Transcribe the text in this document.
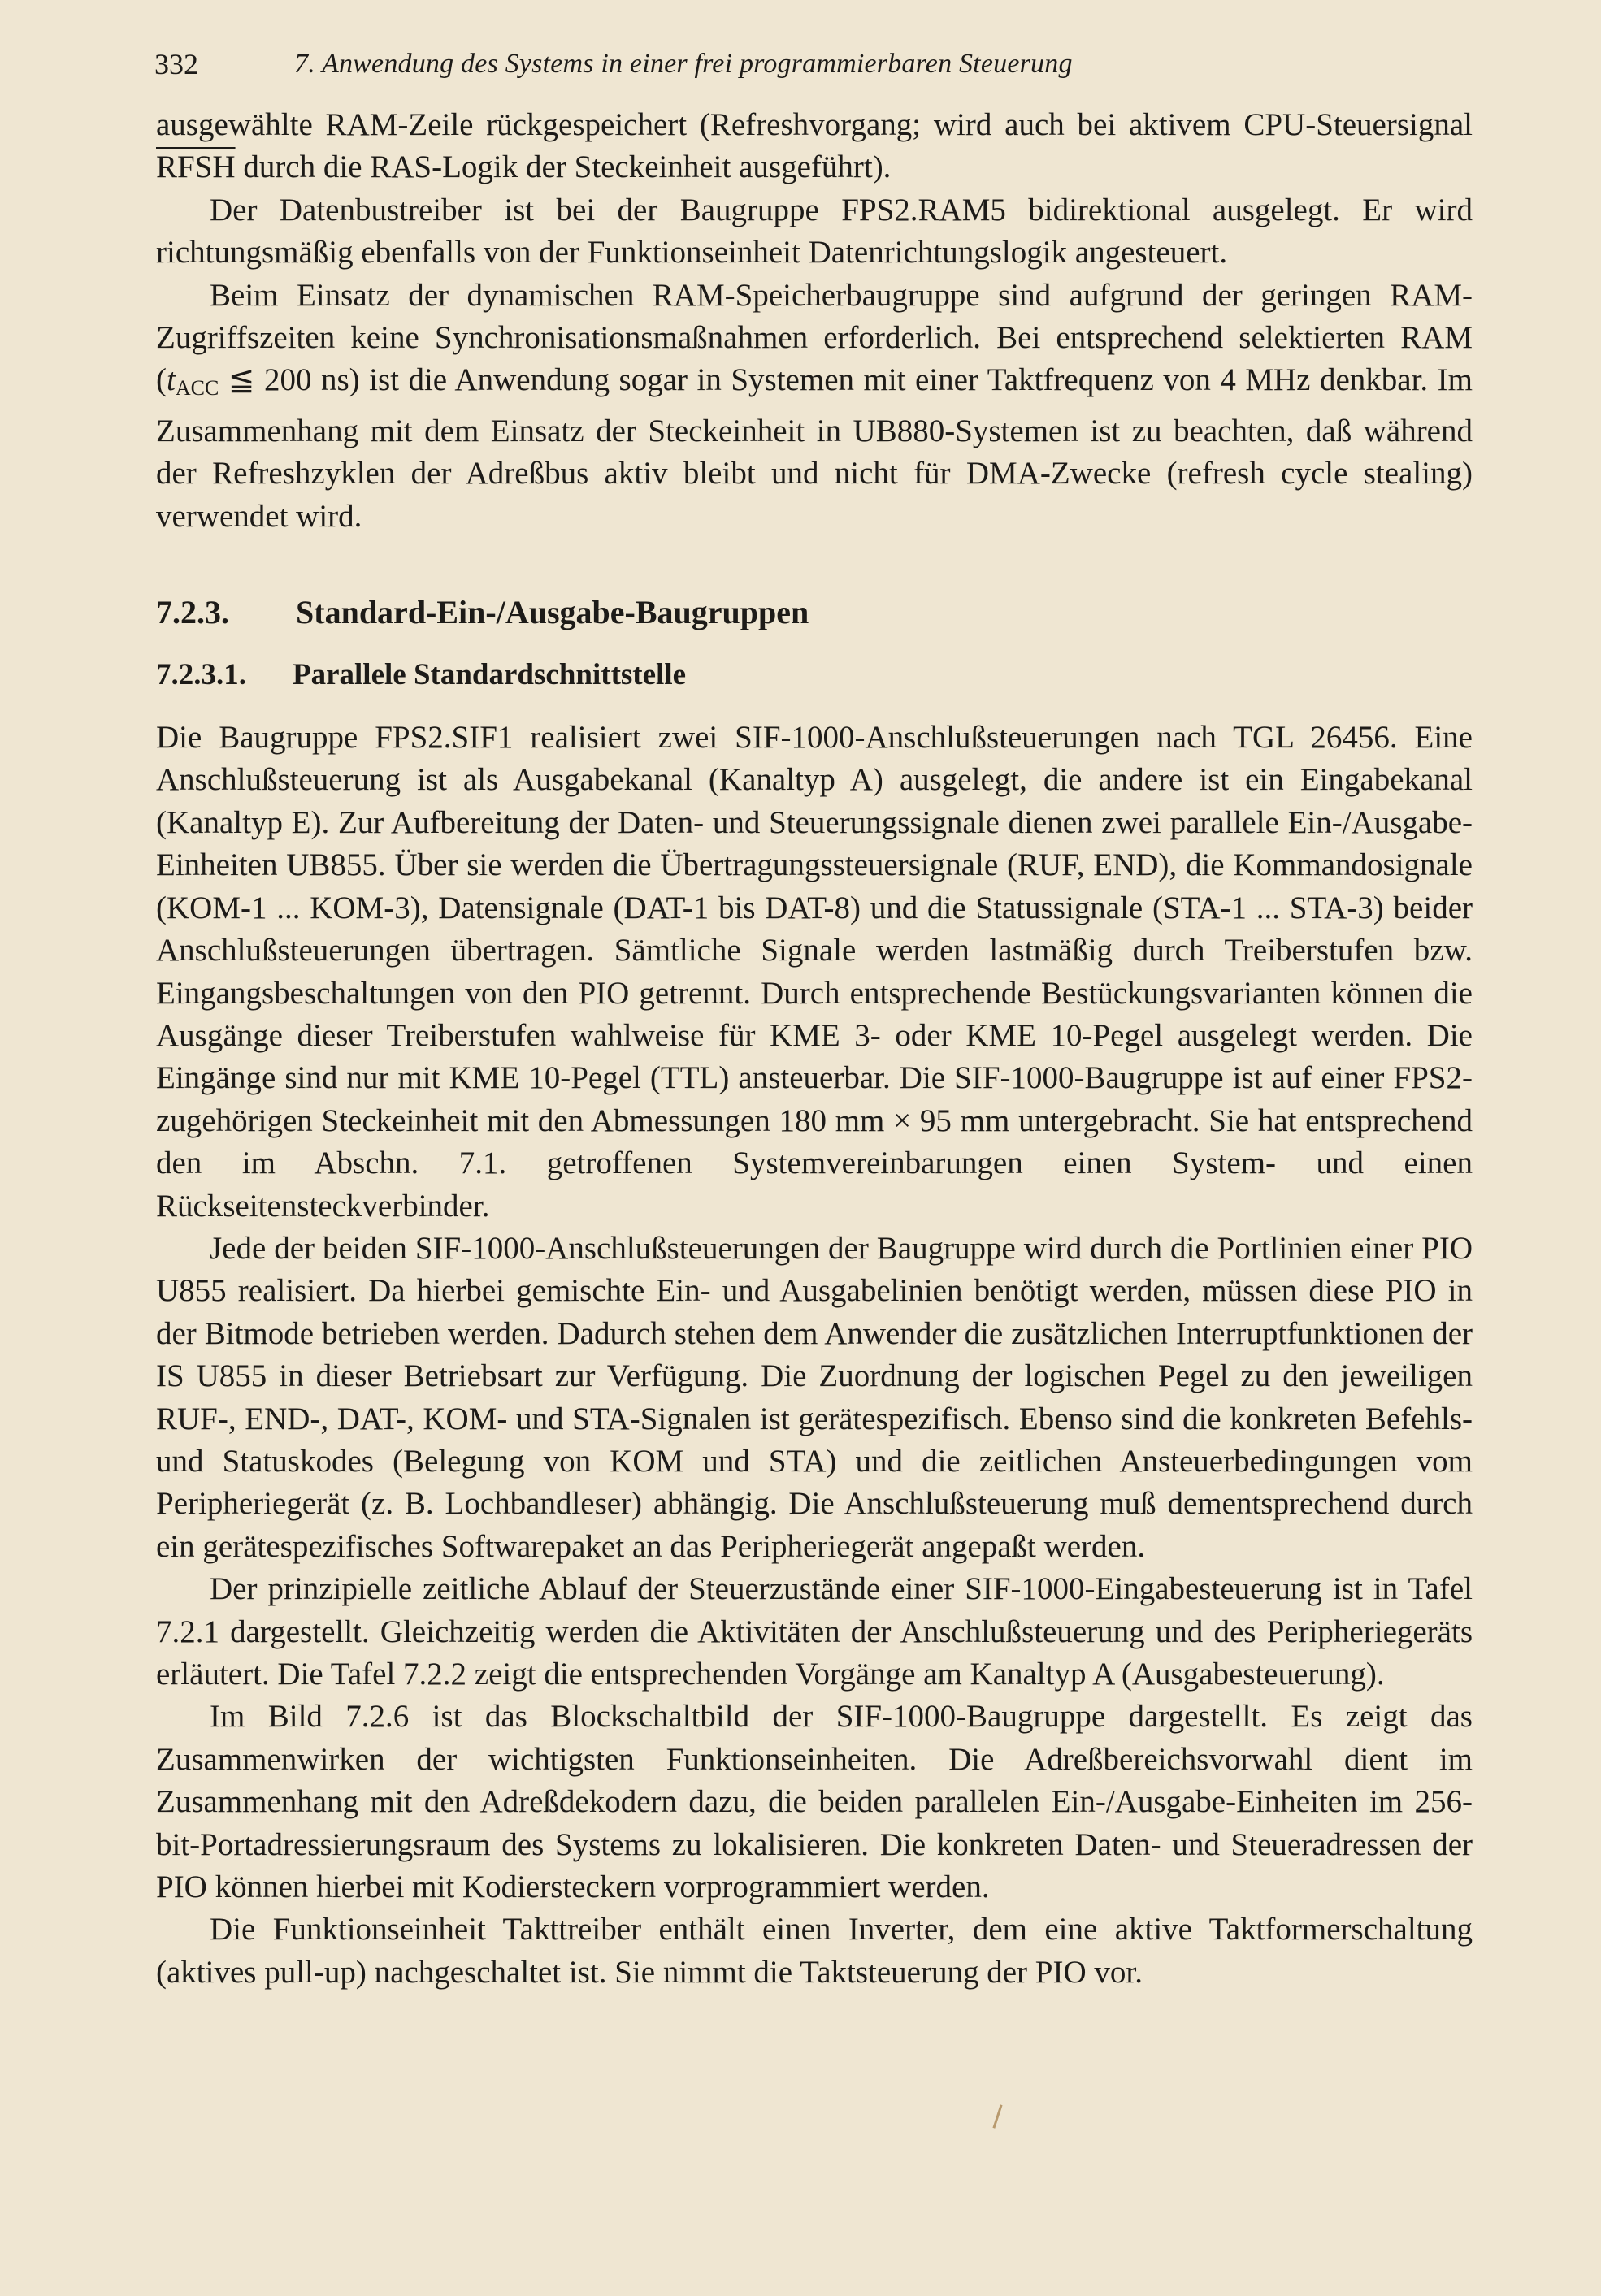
332	7. Anwendung des Systems in einer frei programmierbaren Steuerung

ausgewählte RAM-Zeile rückgespeichert (Refreshvorgang; wird auch bei aktivem CPU-Steuersignal RFSH durch die RAS-Logik der Steckeinheit ausgeführt).

Der Datenbustreiber ist bei der Baugruppe FPS2.RAM5 bidirektional ausgelegt. Er wird richtungsmäßig ebenfalls von der Funktionseinheit Datenrichtungslogik angesteuert.

Beim Einsatz der dynamischen RAM-Speicherbaugruppe sind aufgrund der geringen RAM-Zugriffszeiten keine Synchronisationsmaßnahmen erforderlich. Bei entsprechend selektierten RAM ($t_{ACC}$ ≦ 200 ns) ist die Anwendung sogar in Systemen mit einer Taktfrequenz von 4 MHz denkbar. Im Zusammenhang mit dem Einsatz der Steckeinheit in UB880-Systemen ist zu beachten, daß während der Refreshzyklen der Adreßbus aktiv bleibt und nicht für DMA-Zwecke (refresh cycle stealing) verwendet wird.

7.2.3.	Standard-Ein-/Ausgabe-Baugruppen
7.2.3.1.	Parallele Standardschnittstelle

Die Baugruppe FPS2.SIF1 realisiert zwei SIF-1000-Anschlußsteuerungen nach TGL 26456. Eine Anschlußsteuerung ist als Ausgabekanal (Kanaltyp A) ausgelegt, die andere ist ein Eingabekanal (Kanaltyp E). Zur Aufbereitung der Daten- und Steuerungssignale dienen zwei parallele Ein-/Ausgabe-Einheiten UB855. Über sie werden die Übertragungssteuersignale (RUF, END), die Kommandosignale (KOM-1 ... KOM-3), Datensignale (DAT-1 bis DAT-8) und die Statussignale (STA-1 ... STA-3) beider Anschlußsteuerungen übertragen. Sämtliche Signale werden lastmäßig durch Treiberstufen bzw. Eingangsbeschaltungen von den PIO getrennt. Durch entsprechende Bestückungsvarianten können die Ausgänge dieser Treiberstufen wahlweise für KME 3- oder KME 10-Pegel ausgelegt werden. Die Eingänge sind nur mit KME 10-Pegel (TTL) ansteuerbar. Die SIF-1000-Baugruppe ist auf einer FPS2-zugehörigen Steckeinheit mit den Abmessungen 180 mm × 95 mm untergebracht. Sie hat entsprechend den im Abschn. 7.1. getroffenen Systemvereinbarungen einen System- und einen Rückseitensteckverbinder.

Jede der beiden SIF-1000-Anschlußsteuerungen der Baugruppe wird durch die Portlinien einer PIO U855 realisiert. Da hierbei gemischte Ein- und Ausgabelinien benötigt werden, müssen diese PIO in der Bitmode betrieben werden. Dadurch stehen dem Anwender die zusätzlichen Interruptfunktionen der IS U855 in dieser Betriebsart zur Verfügung. Die Zuordnung der logischen Pegel zu den jeweiligen RUF-, END-, DAT-, KOM- und STA-Signalen ist gerätespezifisch. Ebenso sind die konkreten Befehls- und Statuskodes (Belegung von KOM und STA) und die zeitlichen Ansteuerbedingungen vom Peripheriegerät (z. B. Lochbandleser) abhängig. Die Anschlußsteuerung muß dementsprechend durch ein gerätespezifisches Softwarepaket an das Peripheriegerät angepaßt werden.

Der prinzipielle zeitliche Ablauf der Steuerzustände einer SIF-1000-Eingabesteuerung ist in Tafel 7.2.1 dargestellt. Gleichzeitig werden die Aktivitäten der Anschlußsteuerung und des Peripheriegeräts erläutert. Die Tafel 7.2.2 zeigt die entsprechenden Vorgänge am Kanaltyp A (Ausgabesteuerung).

Im Bild 7.2.6 ist das Blockschaltbild der SIF-1000-Baugruppe dargestellt. Es zeigt das Zusammenwirken der wichtigsten Funktionseinheiten. Die Adreßbereichsvorwahl dient im Zusammenhang mit den Adreßdekodern dazu, die beiden parallelen Ein-/Ausgabe-Einheiten im 256-bit-Portadressierungsraum des Systems zu lokalisieren. Die konkreten Daten- und Steueradressen der PIO können hierbei mit Kodiersteckern vorprogrammiert werden.

Die Funktionseinheit Takttreiber enthält einen Inverter, dem eine aktive Taktformerschaltung (aktives pull-up) nachgeschaltet ist. Sie nimmt die Taktsteuerung der PIO vor.
